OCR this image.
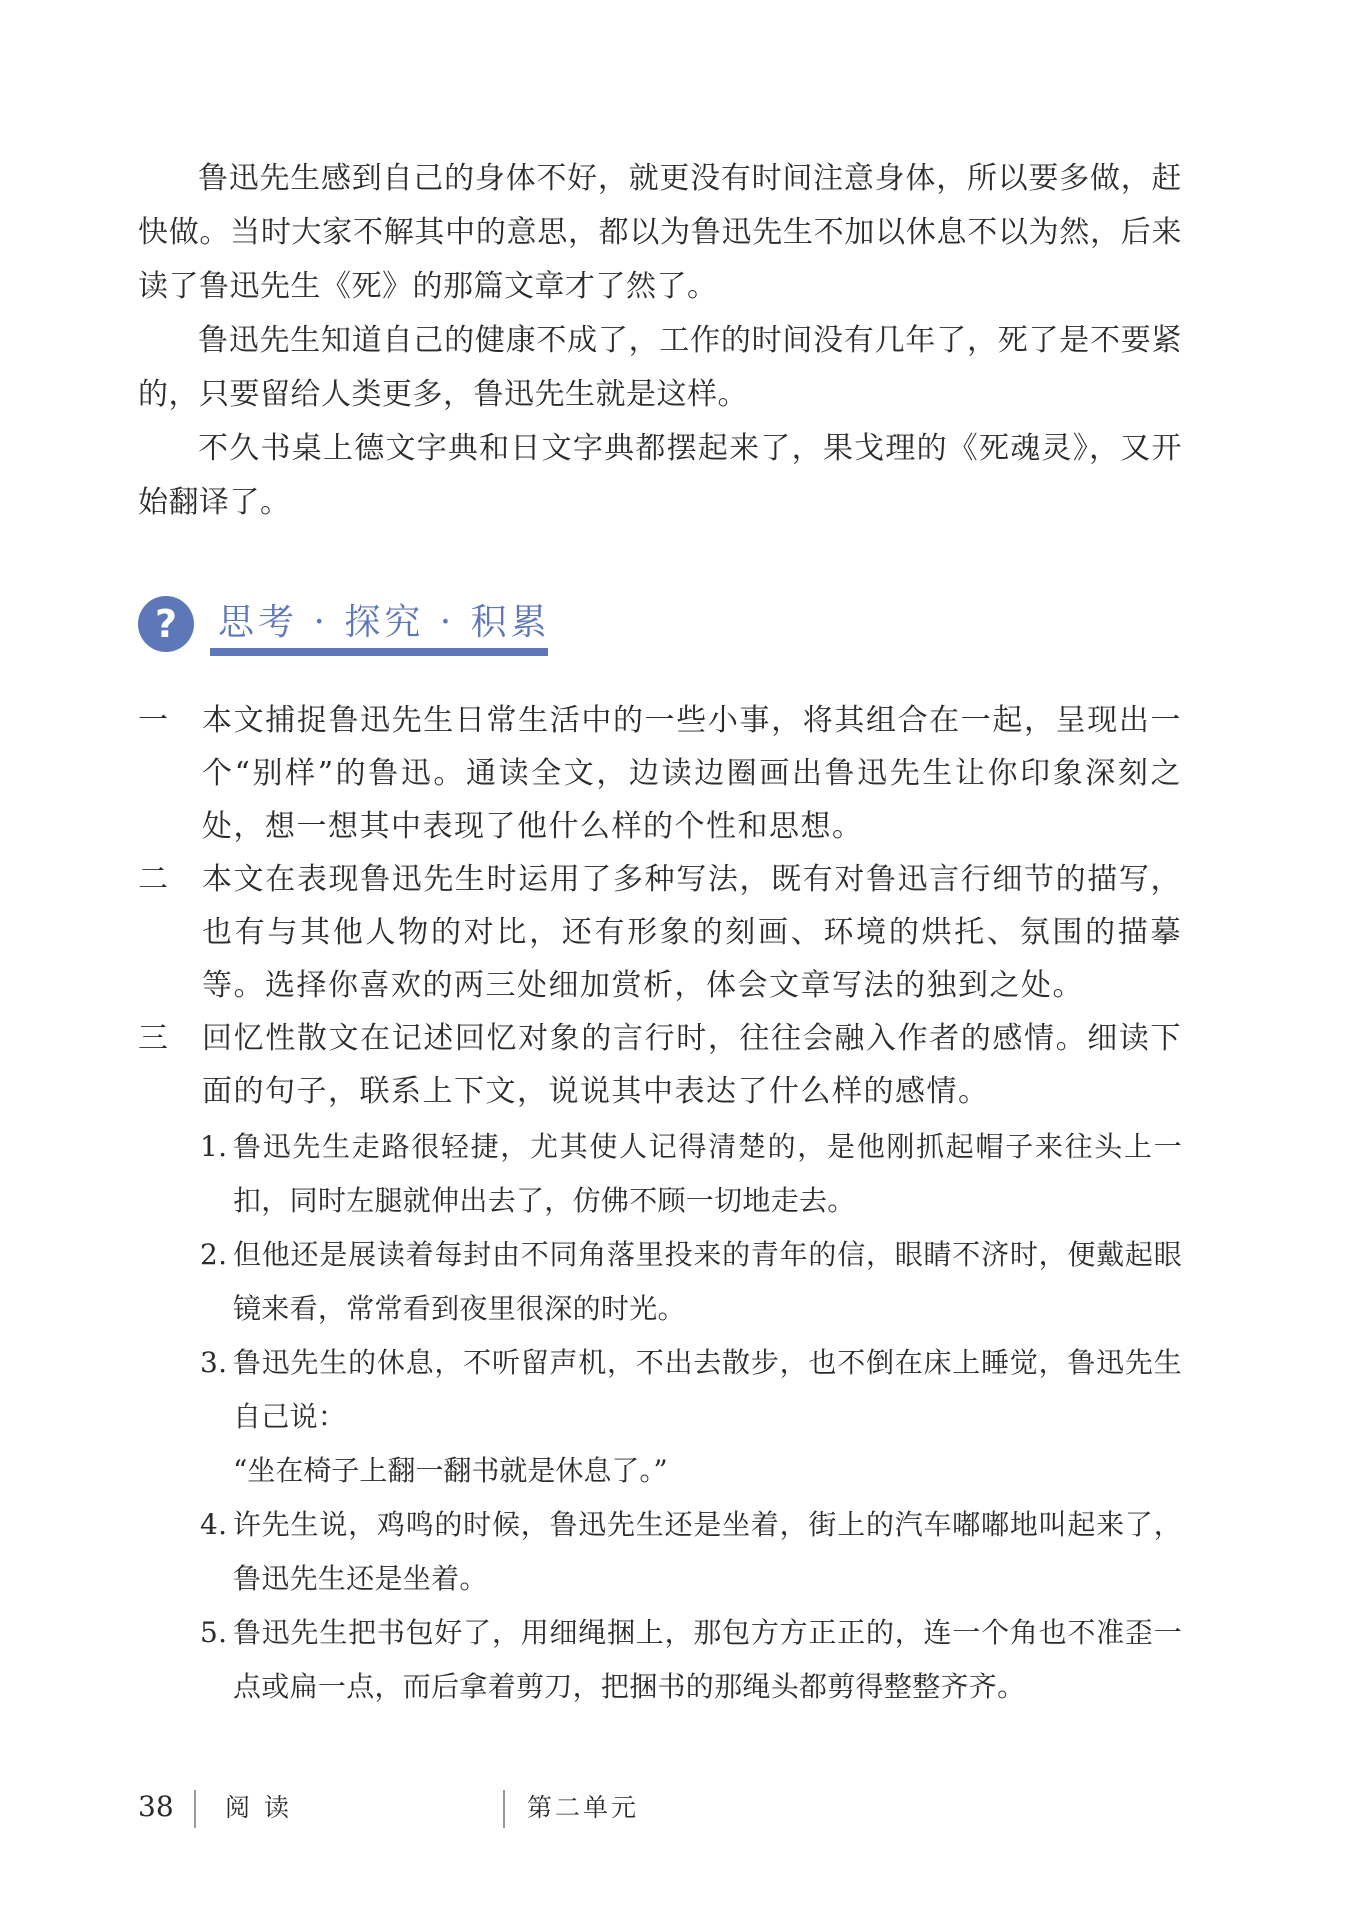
鲁迅先生感到自己的身体不好，就更没有时间注意身体，所以要多做，赶快做。当时大家不解其中的意思，都以为鲁迅先生不加以休息不以为然，后来读了鲁迅先生《死》的那篇文章才了然了。

鲁迅先生知道自己的健康不成了，工作的时间没有几年了，死了是不要紧的，只要留给人类更多，鲁迅先生就是这样。

不久书桌上德文字典和日文字典都摆起来了，果戈理的《死魂灵》，又开始翻译了。

?	思考 · 探究 · 积累
一 本文捕捉鲁迅先生日常生活中的一些小事，将其组合在一起，呈现出一个“别样”的鲁迅。通读全文，边读边圈画出鲁迅先生让你印象深刻之处，想一想其中表现了他什么样的个性和思想。
二 本文在表现鲁迅先生时运用了多种写法，既有对鲁迅言行细节的描写，也有与其他人物的对比，还有形象的刻画、环境的烘托、氛围的描摹等。选择你喜欢的两三处细加赏析，体会文章写法的独到之处。
三 回忆性散文在记述回忆对象的言行时，往往会融入作者的感情。细读下面的句子，联系上下文，说说其中表达了什么样的感情。
1. 鲁迅先生走路很轻捷，尤其使人记得清楚的，是他刚抓起帽子来往头上一扣，同时左腿就伸出去了，仿佛不顾一切地走去。
2. 但他还是展读着每封由不同角落里投来的青年的信，眼睛不济时，便戴起眼镜来看，常常看到夜里很深的时光。
3. 鲁迅先生的休息，不听留声机，不出去散步，也不倒在床上睡觉，鲁迅先生自己说：
“坐在椅子上翻一翻书就是休息了。”
4. 许先生说，鸡鸣的时候，鲁迅先生还是坐着，街上的汽车嘟嘟地叫起来了，鲁迅先生还是坐着。
5. 鲁迅先生把书包好了，用细绳捆上，那包方方正正的，连一个角也不准歪一点或扁一点，而后拿着剪刀，把捆书的那绳头都剪得整整齐齐。
38 阅 读	第二单元
